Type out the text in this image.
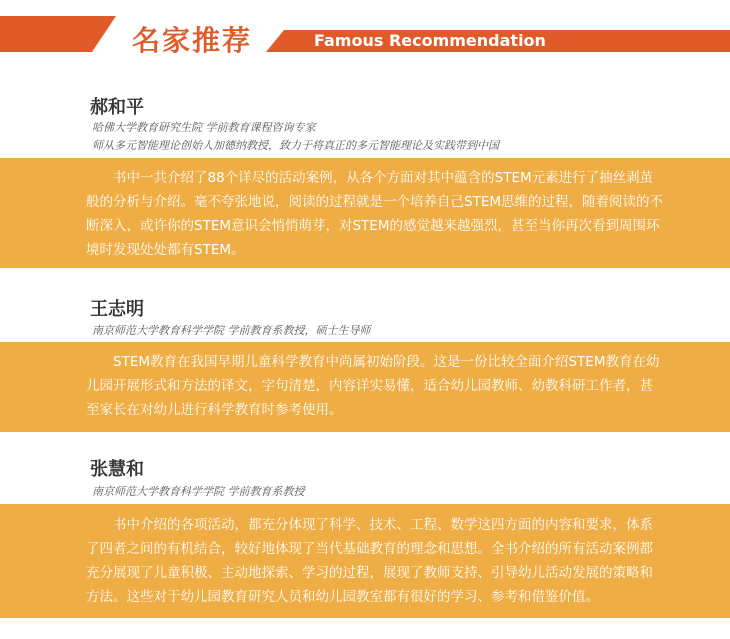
名家推荐	Famous Recommendation
郝和平
哈佛大学教育研究生院 学前教育课程咨询专家
师从多元智能理论创始人加德纳教授，致力于将真正的多元智能理论及实践带到中国

书中一共介绍了88个详尽的活动案例，从各个方面对其中蕴含的STEM元素进行了抽丝剥茧般的分析与介绍。毫不夸张地说，阅读的过程就是一个培养自己STEM思维的过程，随着阅读的不断深入，或许你的STEM意识会悄悄萌芽，对STEM的感觉越来越强烈，甚至当你再次看到周围环境时发现处处都有STEM。

王志明
南京师范大学教育科学学院 学前教育系教授，硕士生导师

STEM教育在我国早期儿童科学教育中尚属初始阶段。这是一份比较全面介绍STEM教育在幼儿园开展形式和方法的译文，字句清楚，内容详实易懂，适合幼儿园教师、幼教科研工作者，甚至家长在对幼儿进行科学教育时参考使用。

张慧和
南京师范大学教育科学学院 学前教育系教授

书中介绍的各项活动，都充分体现了科学、技术、工程、数学这四方面的内容和要求，体系了四者之间的有机结合，较好地体现了当代基础教育的理念和思想。全书介绍的所有活动案例都充分展现了儿童积极、主动地探索、学习的过程，展现了教师支持、引导幼儿活动发展的策略和方法。这些对于幼儿园教育研究人员和幼儿园教室都有很好的学习、参考和借鉴价值。
